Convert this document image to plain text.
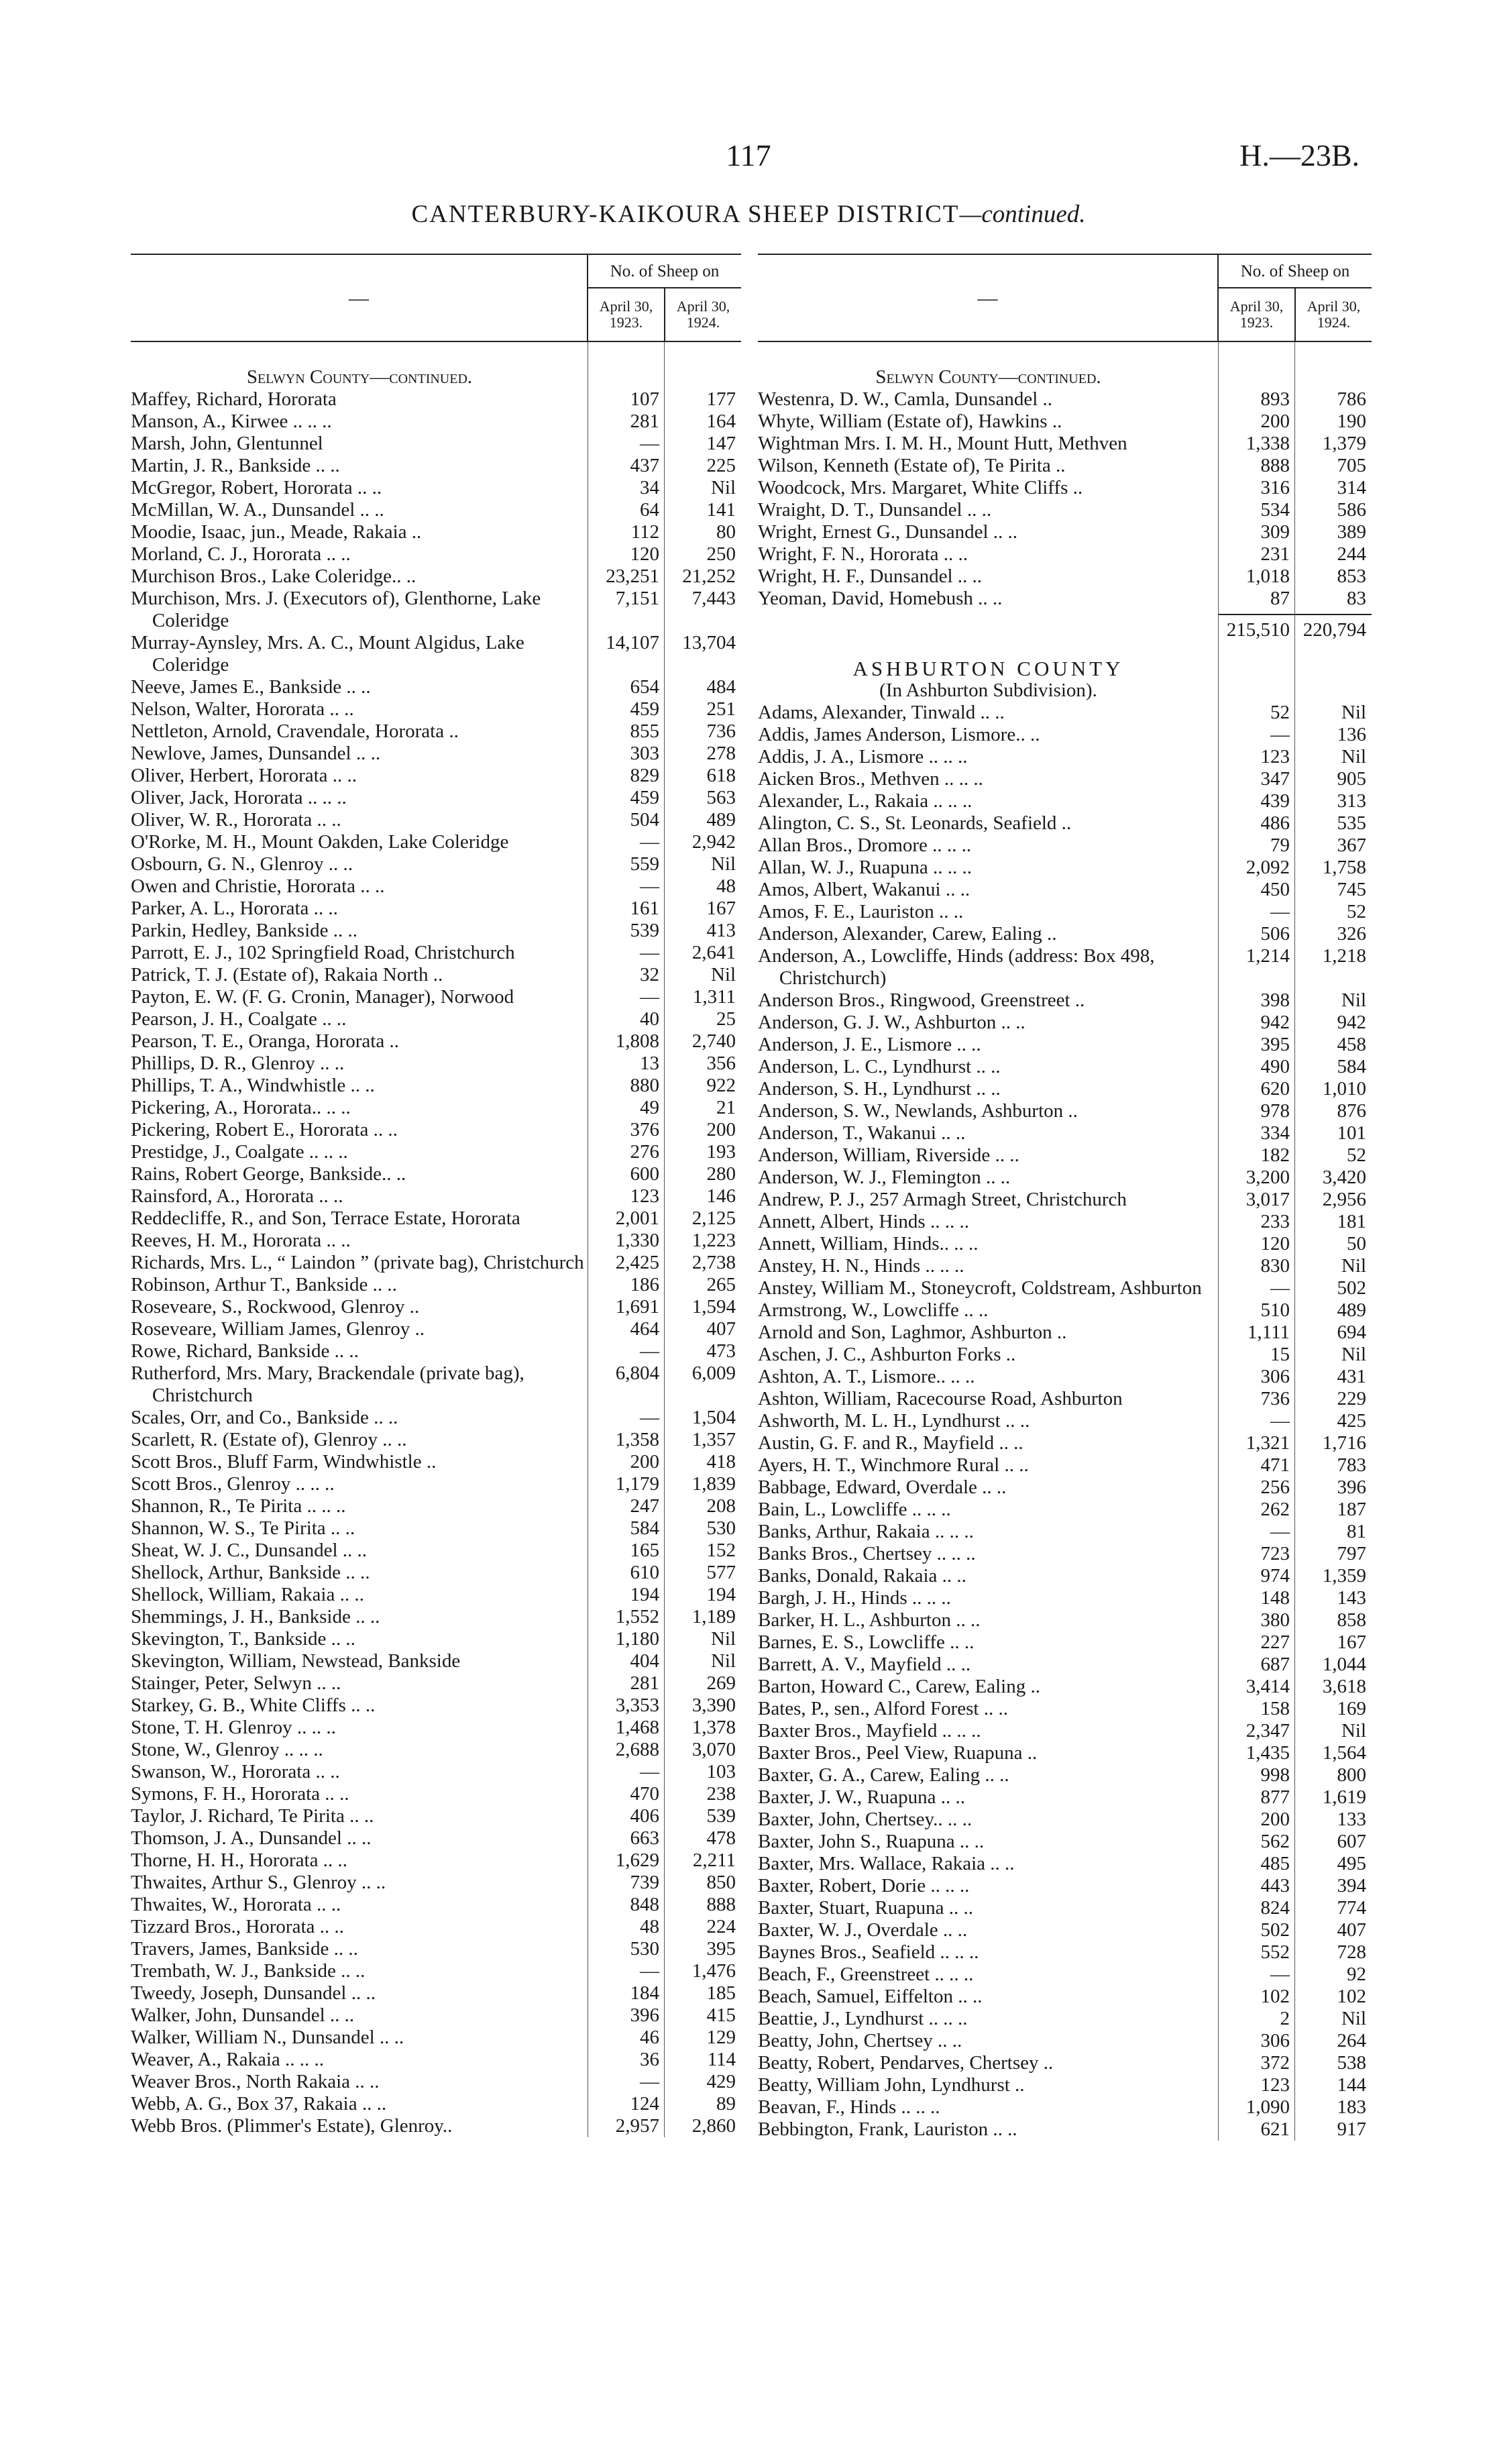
117	H.—23B.
CANTERBURY-KAIKOURA SHEEP DISTRICT—continued.
—
No. of Sheep on
April 30, 1923.
April 30, 1924.
Selwyn County—continued.
Maffey, Richard, Hororata	107	177
Manson, A., Kirwee .. .. ..	281	164
Marsh, John, Glentunnel	—	147
Martin, J. R., Bankside .. ..	437	225
McGregor, Robert, Hororata .. ..	34	Nil
McMillan, W. A., Dunsandel .. ..	64	141
Moodie, Isaac, jun., Meade, Rakaia ..	112	80
Morland, C. J., Hororata .. ..	120	250
Murchison Bros., Lake Coleridge.. ..	23,251	21,252
Murchison, Mrs. J. (Executors of), Glenthorne, Lake Coleridge
7,151	7,443
Murray-Aynsley, Mrs. A. C., Mount Algidus, Lake Coleridge
14,107	13,704
Neeve, James E., Bankside .. ..	654	484
Nelson, Walter, Hororata .. ..	459	251
Nettleton, Arnold, Cravendale, Hororata ..	855	736
Newlove, James, Dunsandel .. ..	303	278
Oliver, Herbert, Hororata .. ..	829	618
Oliver, Jack, Hororata .. .. ..	459	563
Oliver, W. R., Hororata .. ..	504	489
O'Rorke, M. H., Mount Oakden, Lake Coleridge	—	2,942
Osbourn, G. N., Glenroy .. ..	559	Nil
Owen and Christie, Hororata .. ..	—	48
Parker, A. L., Hororata .. ..	161	167
Parkin, Hedley, Bankside .. ..	539	413
Parrott, E. J., 102 Springfield Road, Christchurch	—	2,641
Patrick, T. J. (Estate of), Rakaia North ..	32	Nil
Payton, E. W. (F. G. Cronin, Manager), Norwood	—	1,311
Pearson, J. H., Coalgate .. ..	40	25
Pearson, T. E., Oranga, Hororata ..	1,808	2,740
Phillips, D. R., Glenroy .. ..	13	356
Phillips, T. A., Windwhistle .. ..	880	922
Pickering, A., Hororata.. .. ..	49	21
Pickering, Robert E., Hororata .. ..	376	200
Prestidge, J., Coalgate .. .. ..	276	193
Rains, Robert George, Bankside.. ..	600	280
Rainsford, A., Hororata .. ..	123	146
Reddecliffe, R., and Son, Terrace Estate, Hororata	2,001	2,125
Reeves, H. M., Hororata .. ..	1,330	1,223
Richards, Mrs. L., “ Laindon ” (private bag), Christchurch	2,425	2,738
Robinson, Arthur T., Bankside .. ..	186	265
Roseveare, S., Rockwood, Glenroy ..	1,691	1,594
Roseveare, William James, Glenroy ..	464	407
Rowe, Richard, Bankside .. ..	—	473
Rutherford, Mrs. Mary, Brackendale (private bag), Christchurch
6,804	6,009
Scales, Orr, and Co., Bankside .. ..	—	1,504
Scarlett, R. (Estate of), Glenroy .. ..	1,358	1,357
Scott Bros., Bluff Farm, Windwhistle ..	200	418
Scott Bros., Glenroy .. .. ..	1,179	1,839
Shannon, R., Te Pirita .. .. ..	247	208
Shannon, W. S., Te Pirita .. ..	584	530
Sheat, W. J. C., Dunsandel .. ..	165	152
Shellock, Arthur, Bankside .. ..	610	577
Shellock, William, Rakaia .. ..	194	194
Shemmings, J. H., Bankside .. ..	1,552	1,189
Skevington, T., Bankside .. ..	1,180	Nil
Skevington, William, Newstead, Bankside	404	Nil
Stainger, Peter, Selwyn .. ..	281	269
Starkey, G. B., White Cliffs .. ..	3,353	3,390
Stone, T. H. Glenroy .. .. ..	1,468	1,378
Stone, W., Glenroy .. .. ..	2,688	3,070
Swanson, W., Hororata .. ..	—	103
Symons, F. H., Hororata .. ..	470	238
Taylor, J. Richard, Te Pirita .. ..	406	539
Thomson, J. A., Dunsandel .. ..	663	478
Thorne, H. H., Hororata .. ..	1,629	2,211
Thwaites, Arthur S., Glenroy .. ..	739	850
Thwaites, W., Hororata .. ..	848	888
Tizzard Bros., Hororata .. ..	48	224
Travers, James, Bankside .. ..	530	395
Trembath, W. J., Bankside .. ..	—	1,476
Tweedy, Joseph, Dunsandel .. ..	184	185
Walker, John, Dunsandel .. ..	396	415
Walker, William N., Dunsandel .. ..	46	129
Weaver, A., Rakaia .. .. ..	36	114
Weaver Bros., North Rakaia .. ..	—	429
Webb, A. G., Box 37, Rakaia .. ..	124	89
Webb Bros. (Plimmer's Estate), Glenroy..	2,957	2,860
—
No. of Sheep on
April 30, 1923.
April 30, 1924.
Selwyn County—continued.
Westenra, D. W., Camla, Dunsandel ..	893	786
Whyte, William (Estate of), Hawkins ..	200	190
Wightman Mrs. I. M. H., Mount Hutt, Methven	1,338	1,379
Wilson, Kenneth (Estate of), Te Pirita ..	888	705
Woodcock, Mrs. Margaret, White Cliffs ..	316	314
Wraight, D. T., Dunsandel .. ..	534	586
Wright, Ernest G., Dunsandel .. ..	309	389
Wright, F. N., Hororata .. ..	231	244
Wright, H. F., Dunsandel .. ..	1,018	853
Yeoman, David, Homebush .. ..	87	83
215,510 220,794
ASHBURTON COUNTY
(In Ashburton Subdivision).
Adams, Alexander, Tinwald .. ..	52	Nil
Addis, James Anderson, Lismore.. ..	—	136
Addis, J. A., Lismore .. .. ..	123	Nil
Aicken Bros., Methven .. .. ..	347	905
Alexander, L., Rakaia .. .. ..	439	313
Alington, C. S., St. Leonards, Seafield ..	486	535
Allan Bros., Dromore .. .. ..	79	367
Allan, W. J., Ruapuna .. .. ..	2,092	1,758
Amos, Albert, Wakanui .. ..	450	745
Amos, F. E., Lauriston .. ..	—	52
Anderson, Alexander, Carew, Ealing ..	506	326
Anderson, A., Lowcliffe, Hinds (address: Box 498, Christchurch)
1,214	1,218
Anderson Bros., Ringwood, Greenstreet ..	398	Nil
Anderson, G. J. W., Ashburton .. ..	942	942
Anderson, J. E., Lismore .. ..	395	458
Anderson, L. C., Lyndhurst .. ..	490	584
Anderson, S. H., Lyndhurst .. ..	620	1,010
Anderson, S. W., Newlands, Ashburton ..	978	876
Anderson, T., Wakanui .. ..	334	101
Anderson, William, Riverside .. ..	182	52
Anderson, W. J., Flemington .. ..	3,200	3,420
Andrew, P. J., 257 Armagh Street, Christchurch	3,017	2,956
Annett, Albert, Hinds .. .. ..	233	181
Annett, William, Hinds.. .. ..	120	50
Anstey, H. N., Hinds .. .. ..	830	Nil
Anstey, William M., Stoneycroft, Coldstream, Ashburton	—	502
Armstrong, W., Lowcliffe .. ..	510	489
Arnold and Son, Laghmor, Ashburton ..	1,111	694
Aschen, J. C., Ashburton Forks ..	15	Nil
Ashton, A. T., Lismore.. .. ..	306	431
Ashton, William, Racecourse Road, Ashburton	736	229
Ashworth, M. L. H., Lyndhurst .. ..	—	425
Austin, G. F. and R., Mayfield .. ..	1,321	1,716
Ayers, H. T., Winchmore Rural .. ..	471	783
Babbage, Edward, Overdale .. ..	256	396
Bain, L., Lowcliffe .. .. ..	262	187
Banks, Arthur, Rakaia .. .. ..	—	81
Banks Bros., Chertsey .. .. ..	723	797
Banks, Donald, Rakaia .. ..	974	1,359
Bargh, J. H., Hinds .. .. ..	148	143
Barker, H. L., Ashburton .. ..	380	858
Barnes, E. S., Lowcliffe .. ..	227	167
Barrett, A. V., Mayfield .. ..	687	1,044
Barton, Howard C., Carew, Ealing ..	3,414	3,618
Bates, P., sen., Alford Forest .. ..	158	169
Baxter Bros., Mayfield .. .. ..	2,347	Nil
Baxter Bros., Peel View, Ruapuna ..	1,435	1,564
Baxter, G. A., Carew, Ealing .. ..	998	800
Baxter, J. W., Ruapuna .. ..	877	1,619
Baxter, John, Chertsey.. .. ..	200	133
Baxter, John S., Ruapuna .. ..	562	607
Baxter, Mrs. Wallace, Rakaia .. ..	485	495
Baxter, Robert, Dorie .. .. ..	443	394
Baxter, Stuart, Ruapuna .. ..	824	774
Baxter, W. J., Overdale .. ..	502	407
Baynes Bros., Seafield .. .. ..	552	728
Beach, F., Greenstreet .. .. ..	—	92
Beach, Samuel, Eiffelton .. ..	102	102
Beattie, J., Lyndhurst .. .. ..	2	Nil
Beatty, John, Chertsey .. ..	306	264
Beatty, Robert, Pendarves, Chertsey ..	372	538
Beatty, William John, Lyndhurst ..	123	144
Beavan, F., Hinds .. .. ..	1,090	183
Bebbington, Frank, Lauriston .. ..	621	917
